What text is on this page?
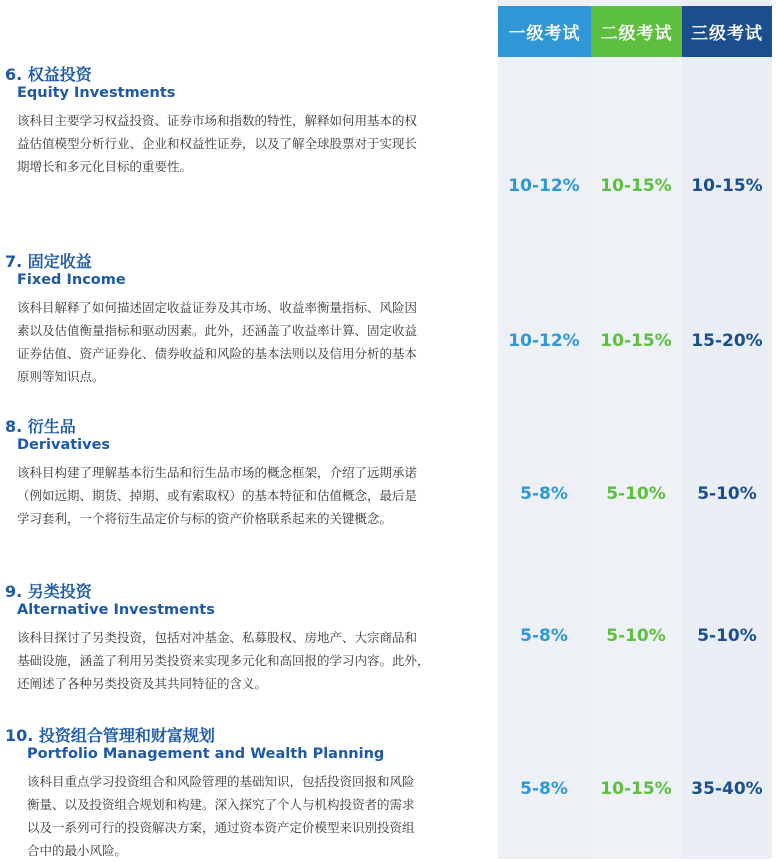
一级考试	二级考试	三级考试
6. 权益投资
Equity Investments
该科目主要学习权益投资、证券市场和指数的特性，解释如何用基本的权
益估值模型分析行业、企业和权益性证券，以及了解全球股票对于实现长
期增长和多元化目标的重要性。
10-12%	10-15%	10-15%
7. 固定收益
Fixed Income
该科目解释了如何描述固定收益证券及其市场、收益率衡量指标、风险因
素以及估值衡量指标和驱动因素。此外，还涵盖了收益率计算、固定收益
证券估值、资产证券化、债券收益和风险的基本法则以及信用分析的基本
原则等知识点。
10-12%	10-15%	15-20%
8. 衍生品
Derivatives
该科目构建了理解基本衍生品和衍生品市场的概念框架，介绍了远期承诺
（例如远期、期货、掉期、或有索取权）的基本特征和估值概念，最后是
学习套利，一个将衍生品定价与标的资产价格联系起来的关键概念。
5-8%	5-10%	5-10%
9. 另类投资
Alternative Investments
该科目探讨了另类投资，包括对冲基金、私募股权、房地产、大宗商品和
基础设施，涵盖了利用另类投资来实现多元化和高回报的学习内容。此外，
还阐述了各种另类投资及其共同特征的含义。
5-8%	5-10%	5-10%
10. 投资组合管理和财富规划
Portfolio Management and Wealth Planning
该科目重点学习投资组合和风险管理的基础知识，包括投资回报和风险
衡量、以及投资组合规划和构建。深入探究了个人与机构投资者的需求
以及一系列可行的投资解决方案，通过资本资产定价模型来识别投资组
合中的最小风险。
5-8%	10-15%	35-40%
